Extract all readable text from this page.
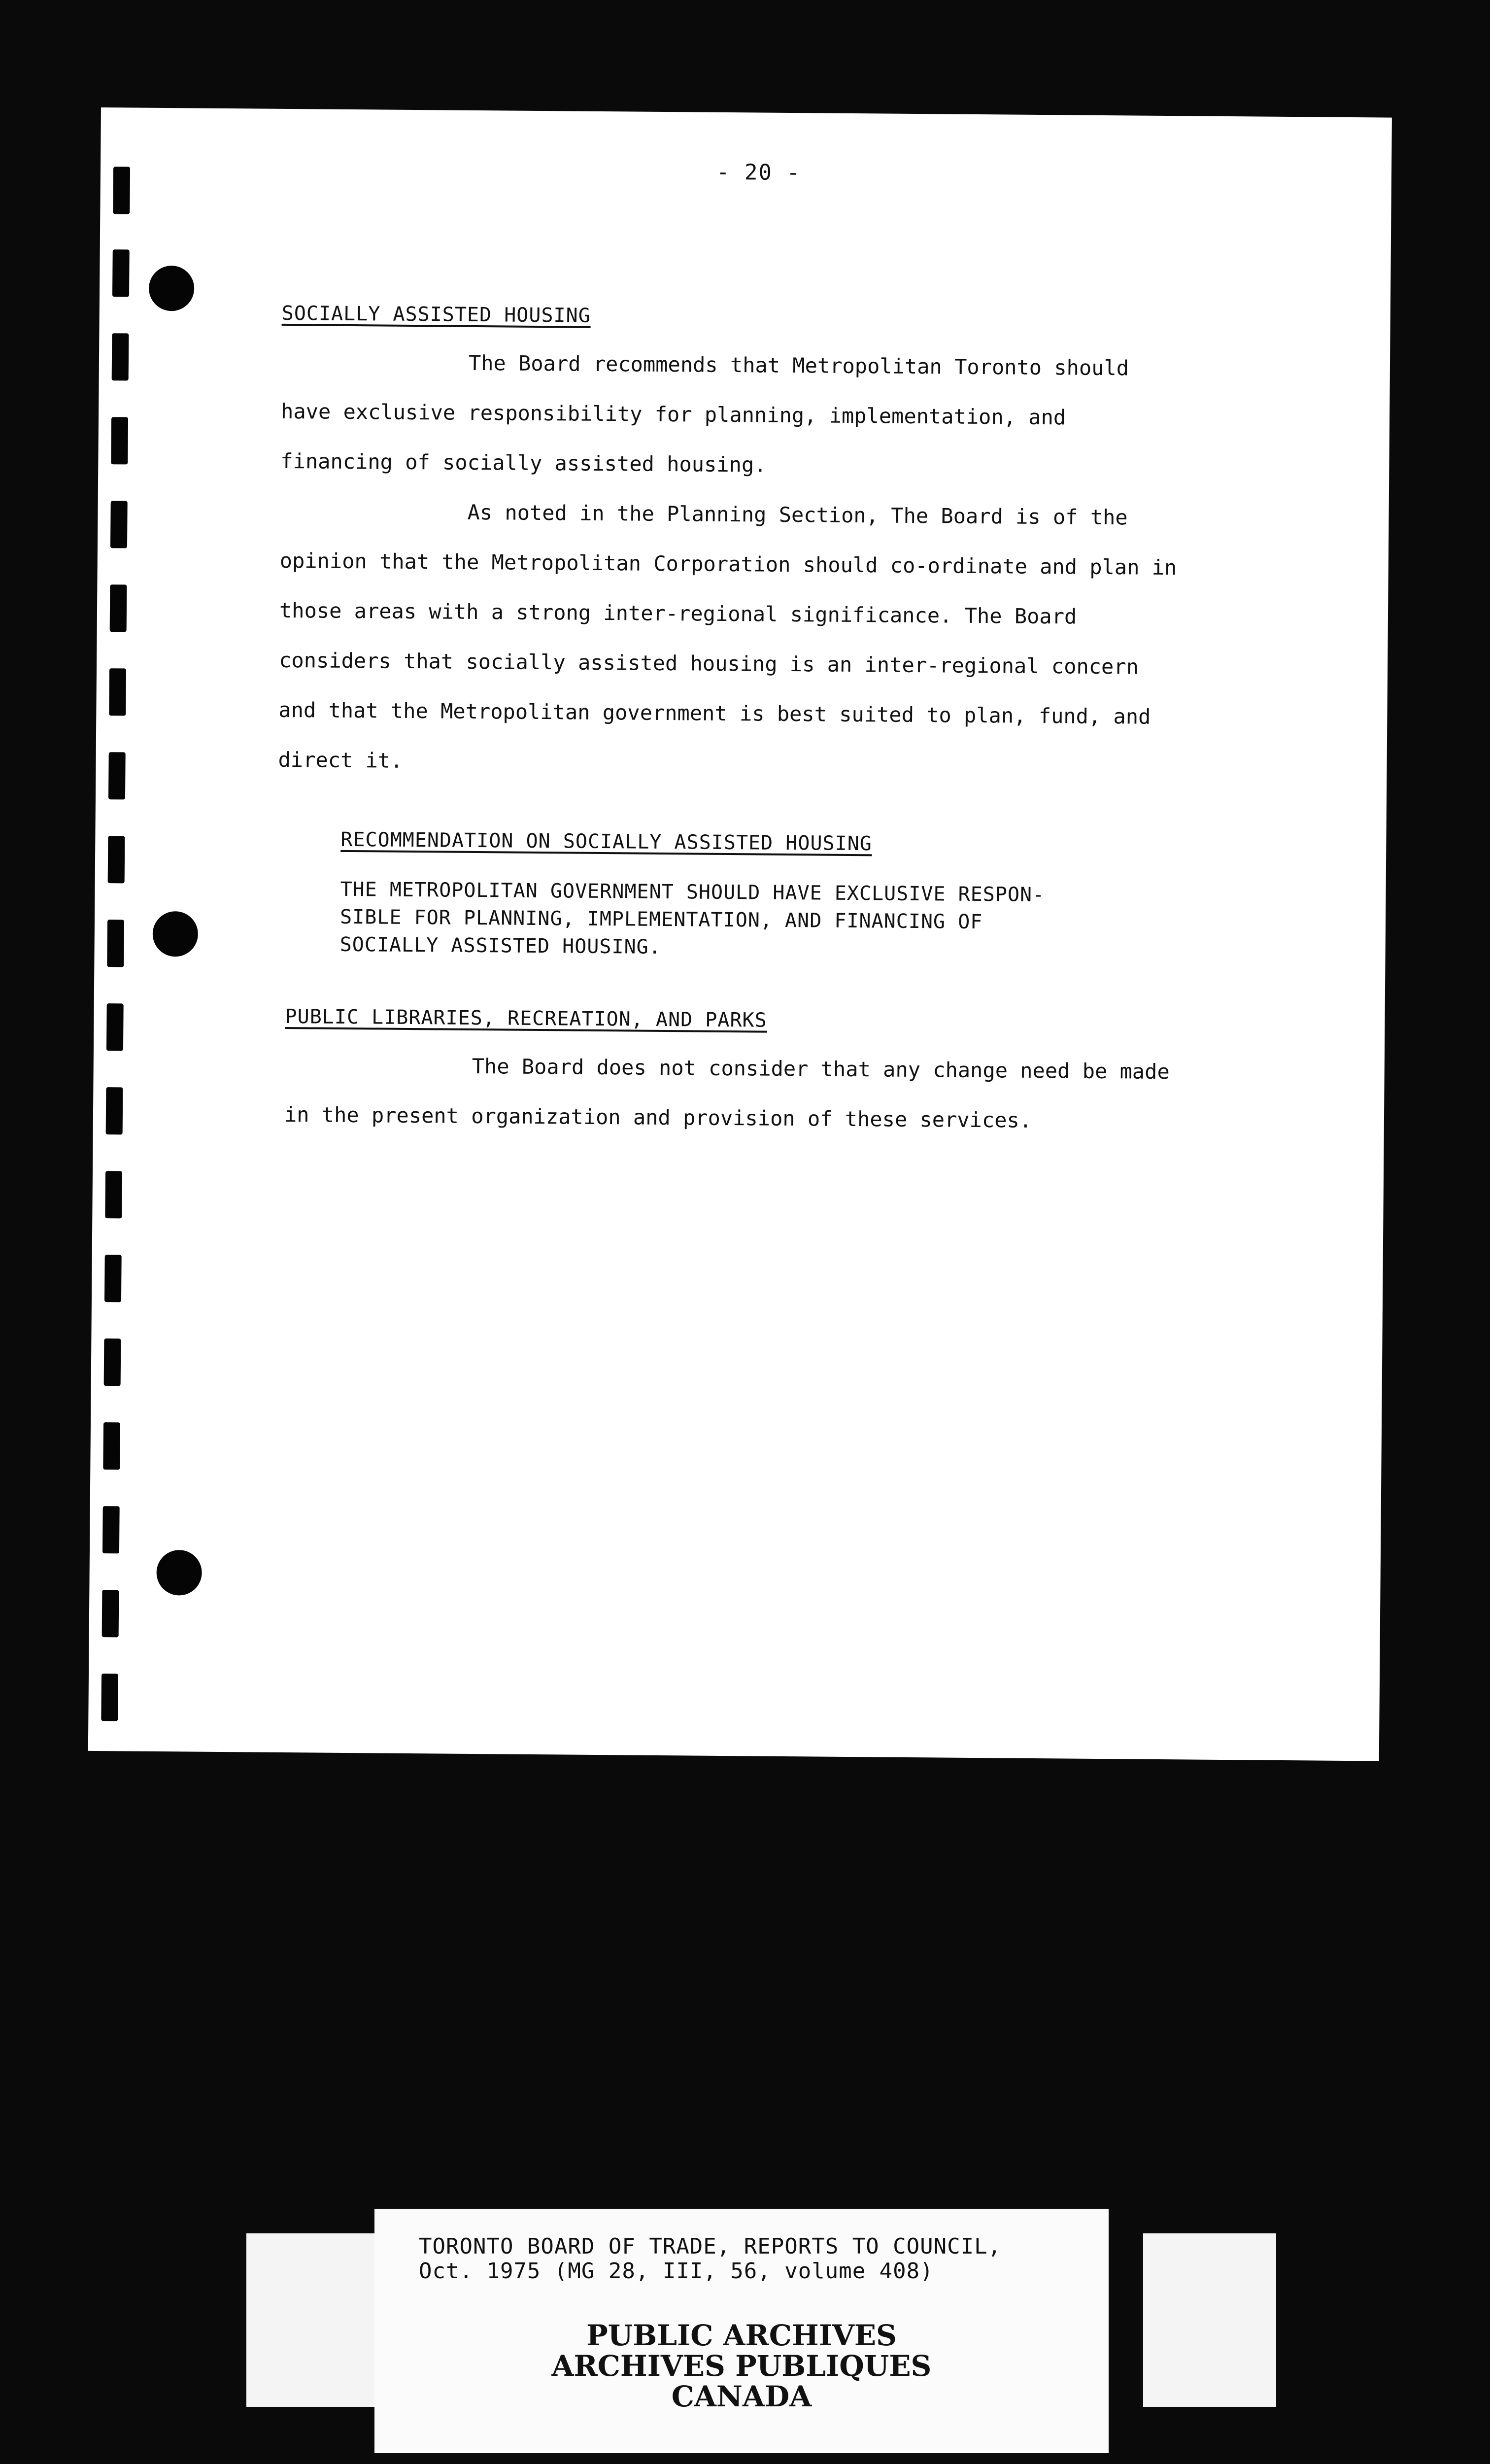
- 20 -

SOCIALLY ASSISTED HOUSING

The Board recommends that Metropolitan Toronto should have exclusive responsibility for planning, implementation, and financing of socially assisted housing.

As noted in the Planning Section, The Board is of the opinion that the Metropolitan Corporation should co-ordinate and plan in those areas with a strong inter-regional significance. The Board considers that socially assisted housing is an inter-regional concern and that the Metropolitan government is best suited to plan, fund, and direct it.

RECOMMENDATION ON SOCIALLY ASSISTED HOUSING

THE METROPOLITAN GOVERNMENT SHOULD HAVE EXCLUSIVE RESPON- SIBLE FOR PLANNING, IMPLEMENTATION, AND FINANCING OF SOCIALLY ASSISTED HOUSING.

PUBLIC LIBRARIES, RECREATION, AND PARKS

The Board does not consider that any change need be made in the present organization and provision of these services.

TORONTO BOARD OF TRADE, REPORTS TO COUNCIL,
Oct. 1975 (MG 28, III, 56, volume 408)
PUBLIC ARCHIVES
ARCHIVES PUBLIQUES
CANADA
